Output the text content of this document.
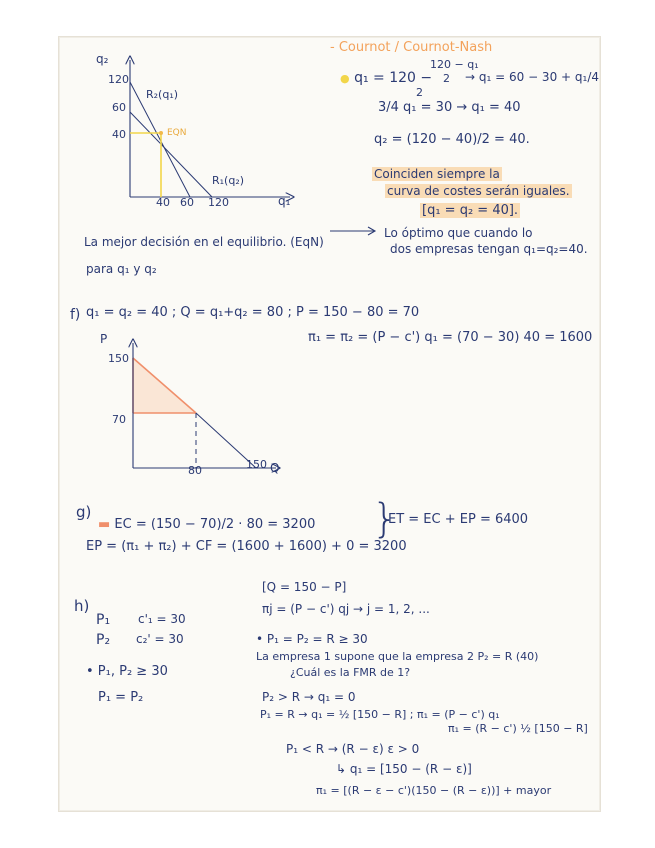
- Cournot / Cournot-Nash
q₂
120
60
40
40 60 120	q₁
R₂(q₁)
R₁(q₂)
EQN
● q₁ = 120 −
120 − q₁
2
2
→ q₁ = 60 − 30 + q₁/4
3/4 q₁ = 30 → q₁ = 40
q₂ = (120 − 40)/2 = 40.
Coinciden siempre la
curva de costes serán iguales.
[q₁ = q₂ = 40].
La mejor decisión en el equilibrio. (EqN)
para q₁ y q₂
Lo óptimo que cuando lo
dos empresas tengan q₁=q₂=40.
f) q₁ = q₂ = 40 ; Q = q₁+q₂ = 80 ; P = 150 − 80 = 70
π₁ = π₂ = (P − c') q₁ = (70 − 30) 40 = 1600
P
150
70
80	150 Q
g)
▬ EC = (150 − 70)/2 · 80 = 3200
EP = (π₁ + π₂) + CF = (1600 + 1600) + 0 = 3200
}
ET = EC + EP = 6400
h)
P₁ c'₁ = 30
P₂ c₂' = 30
• P₁, P₂ ≥ 30
P₁ = P₂
[Q = 150 − P]
πj = (P − c') qj → j = 1, 2, ...
• P₁ = P₂ = R ≥ 30
La empresa 1 supone que la empresa 2 P₂ = R (40)
¿Cuál es la FMR de 1?
P₂ > R → q₁ = 0
P₁ = R → q₁ = ½ [150 − R] ; π₁ = (P − c') q₁
π₁ = (R − c') ½ [150 − R]
P₁ < R → (R − ε) ε > 0
↳ q₁ = [150 − (R − ε)]
π₁ = [(R − ε − c')(150 − (R − ε))] + mayor
